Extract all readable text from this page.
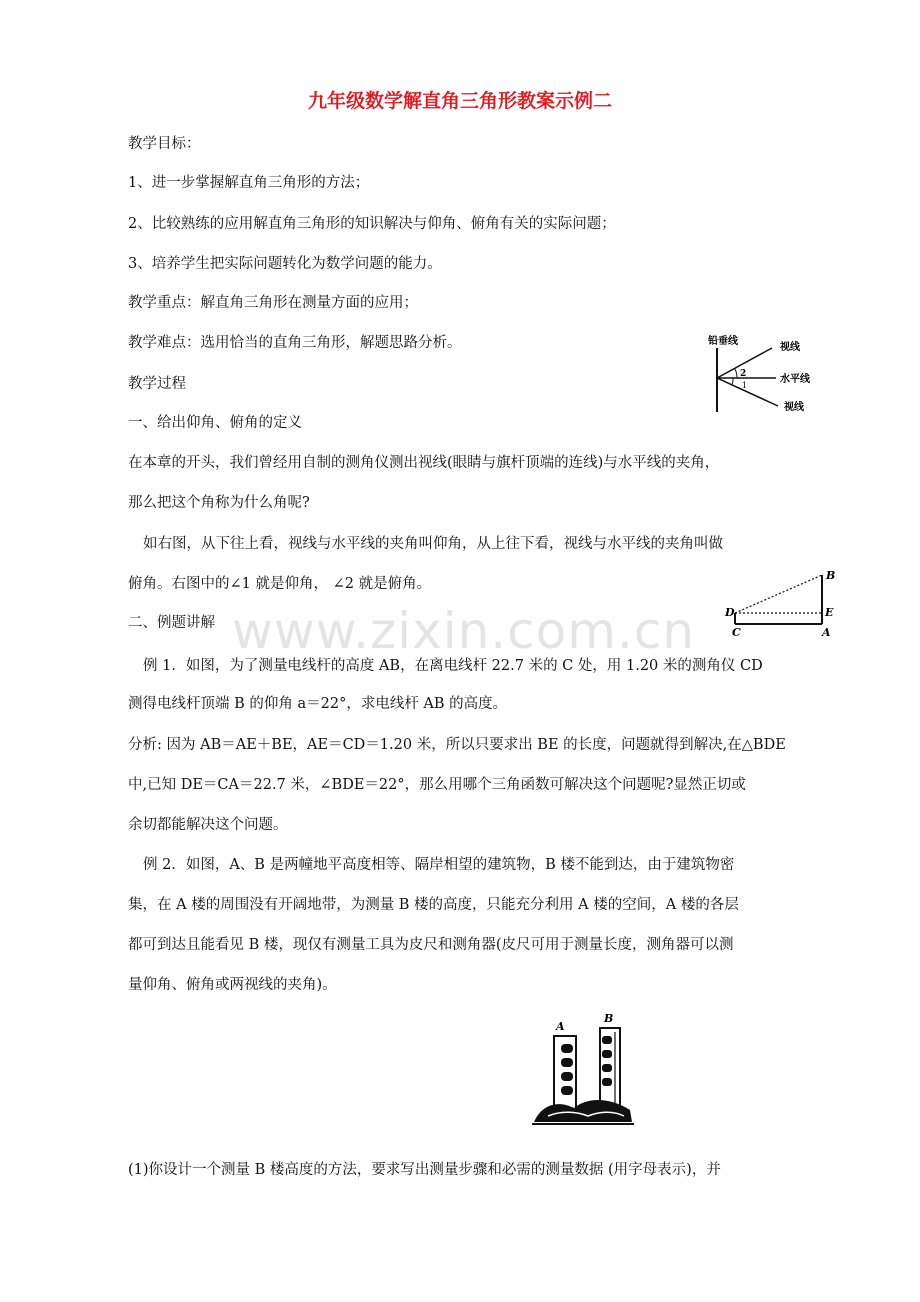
九年级数学解直角三角形教案示例二
教学目标：
1、进一步掌握解直角三角形的方法；
2、比较熟练的应用解直角三角形的知识解决与仰角、俯角有关的实际问题；
3、培养学生把实际问题转化为数学问题的能力。
教学重点：解直角三角形在测量方面的应用；
教学难点：选用恰当的直角三角形，解题思路分析。
教学过程
一、给出仰角、俯角的定义
在本章的开头，我们曾经用自制的测角仪测出视线(眼睛与旗杆顶端的连线)与水平线的夹角，
那么把这个角称为什么角呢?
如右图，从下往上看，视线与水平线的夹角叫仰角，从上往下看，视线与水平线的夹角叫做
俯角。右图中的∠1 就是仰角， ∠2 就是俯角。
二、例题讲解
例 1．如图，为了测量电线杆的高度 AB，在离电线杆 22.7 米的 C 处，用 1.20 米的测角仪 CD
测得电线杆顶端 B 的仰角 a＝22°，求电线杆 AB 的高度。
分析: 因为 AB＝AE＋BE，AE＝CD＝1.20 米，所以只要求出 BE 的长度，问题就得到解决,在△BDE
中,已知 DE＝CA＝22.7 米，∠BDE＝22°，那么用哪个三角函数可解决这个问题呢?显然正切或
余切都能解决这个问题。
例 2．如图，A、B 是两幢地平高度相等、隔岸相望的建筑物，B 楼不能到达，由于建筑物密
集，在 A 楼的周围没有开阔地带，为测量 B 楼的高度，只能充分利用 A 楼的空间，A 楼的各层
都可到达且能看见 B 楼，现仅有测量工具为皮尺和测角器(皮尺可用于测量长度，测角器可以测
量仰角、俯角或两视线的夹角)。
(1)你设计一个测量 B 楼高度的方法，要求写出测量步骤和必需的测量数据 (用字母表示)，并
www.zixin.com.cn
铅垂线
视线
水平线
视线
2
1
B
D	E
C	A
A
B
